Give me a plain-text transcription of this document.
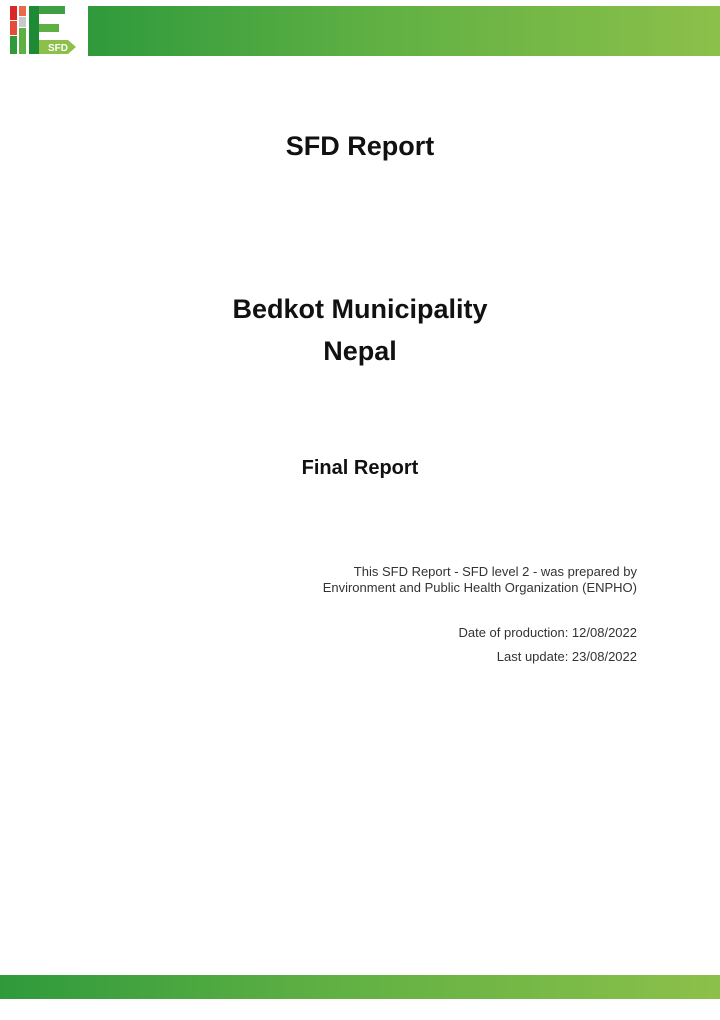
SFD
SFD Report
Bedkot Municipality
Nepal
Final Report
This SFD Report - SFD level 2 - was prepared by
Environment and Public Health Organization (ENPHO)
Date of production: 12/08/2022
Last update: 23/08/2022
